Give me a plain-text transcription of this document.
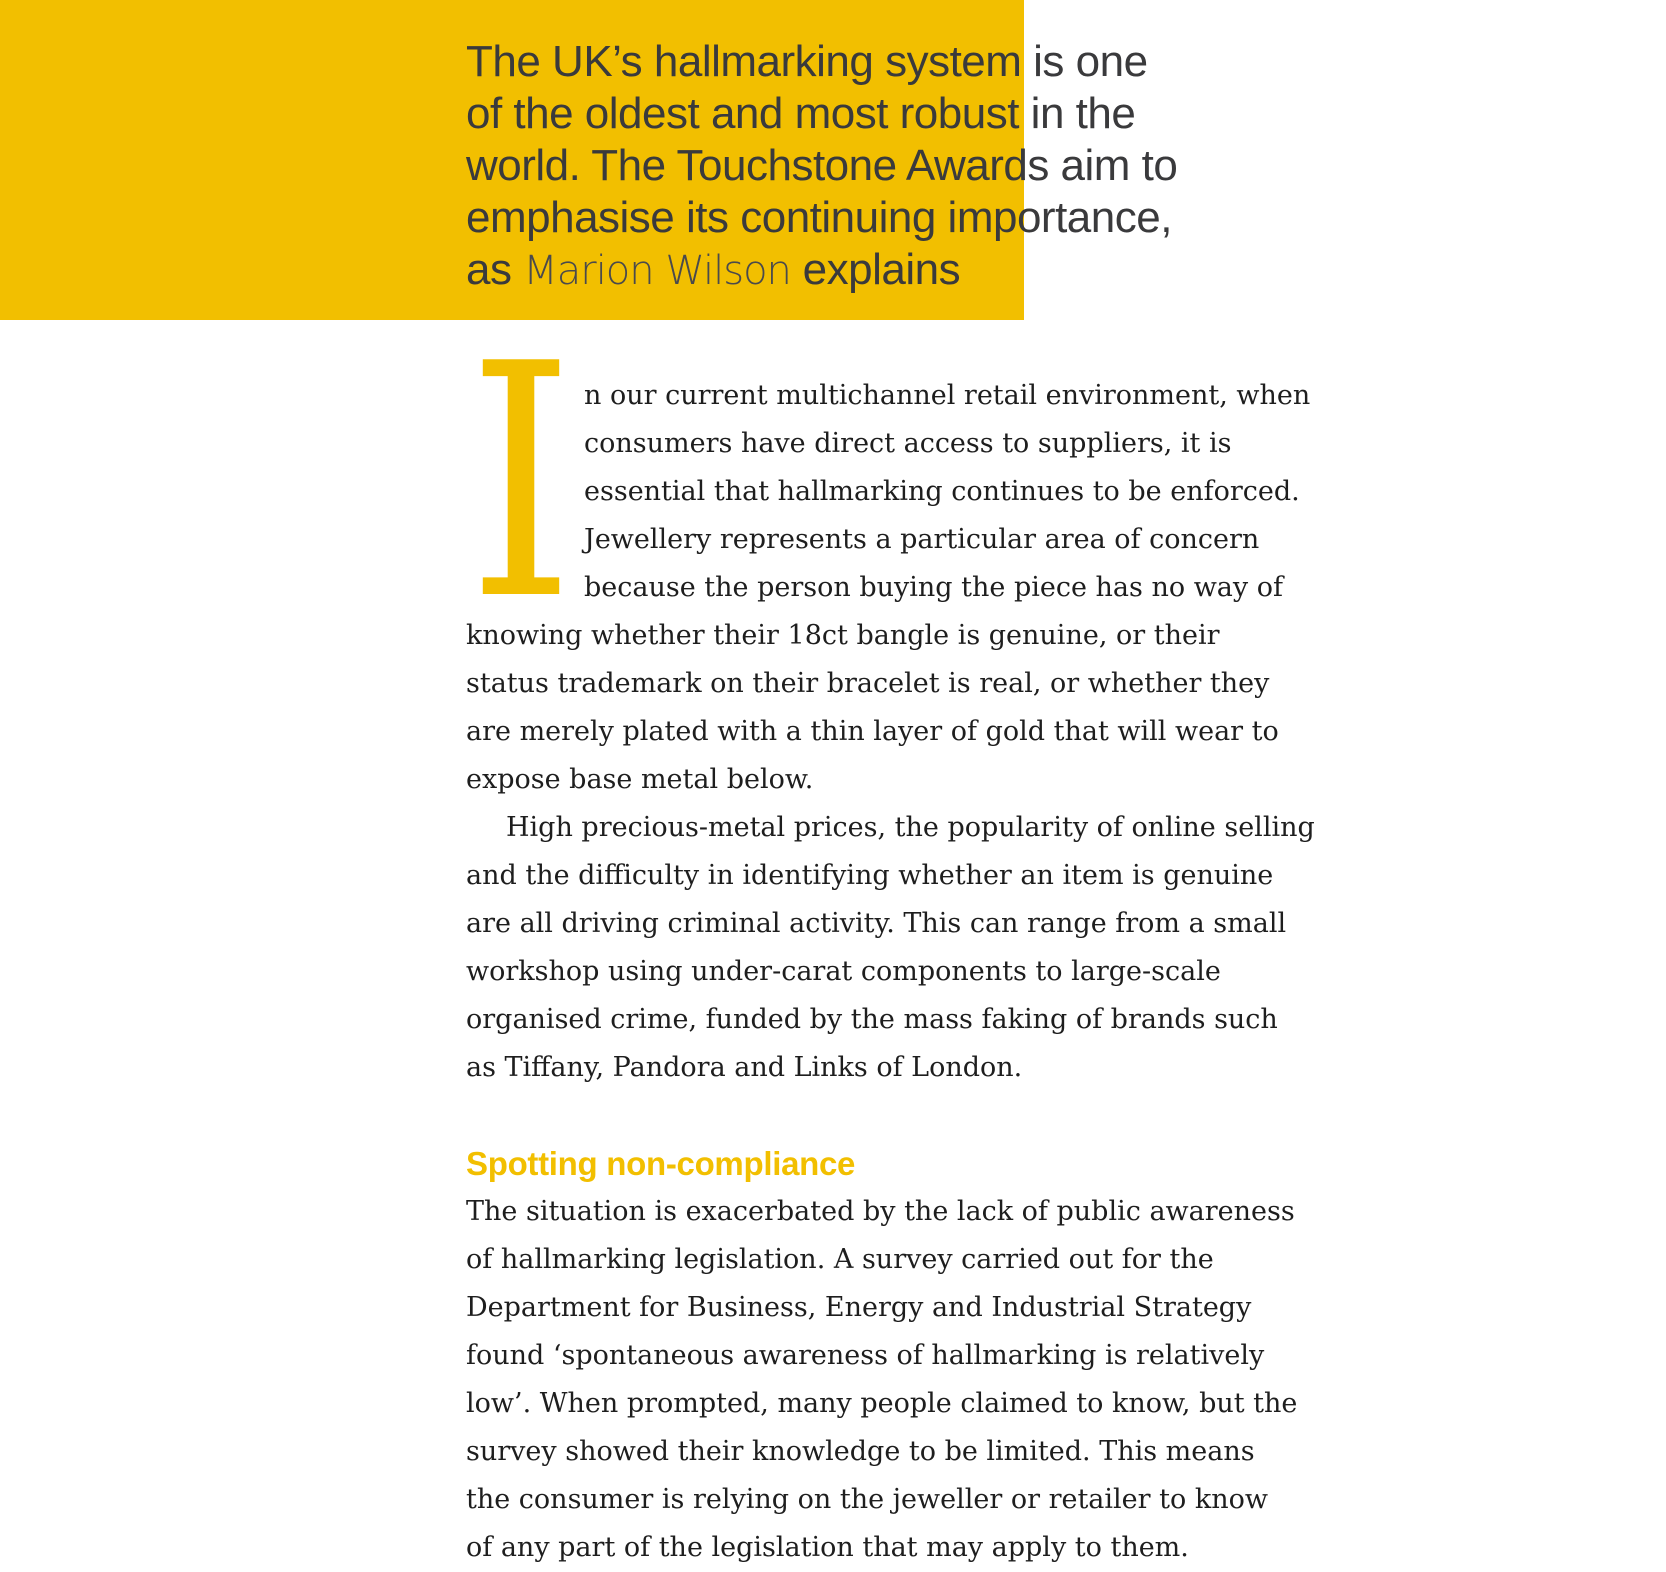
The UK’s hallmarking system is one
of the oldest and most robust in the
world. The Touchstone Awards aim to
emphasise its continuing importance,
as Marion Wilson explains

I n our current multichannel retail environment, when
consumers have direct access to suppliers, it is
essential that hallmarking continues to be enforced.
Jewellery represents a particular area of concern
because the person buying the piece has no way of
knowing whether their 18ct bangle is genuine, or their
status trademark on their bracelet is real, or whether they
are merely plated with a thin layer of gold that will wear to
expose base metal below.
High precious-metal prices, the popularity of online selling
and the difficulty in identifying whether an item is genuine
are all driving criminal activity. This can range from a small
workshop using under-carat components to large-scale
organised crime, funded by the mass faking of brands such
as Tiffany, Pandora and Links of London.
Spotting non-compliance
The situation is exacerbated by the lack of public awareness
of hallmarking legislation. A survey carried out for the
Department for Business, Energy and Industrial Strategy
found ‘spontaneous awareness of hallmarking is relatively
low’. When prompted, many people claimed to know, but the
survey showed their knowledge to be limited. This means
the consumer is relying on the jeweller or retailer to know
of any part of the legislation that may apply to them.
